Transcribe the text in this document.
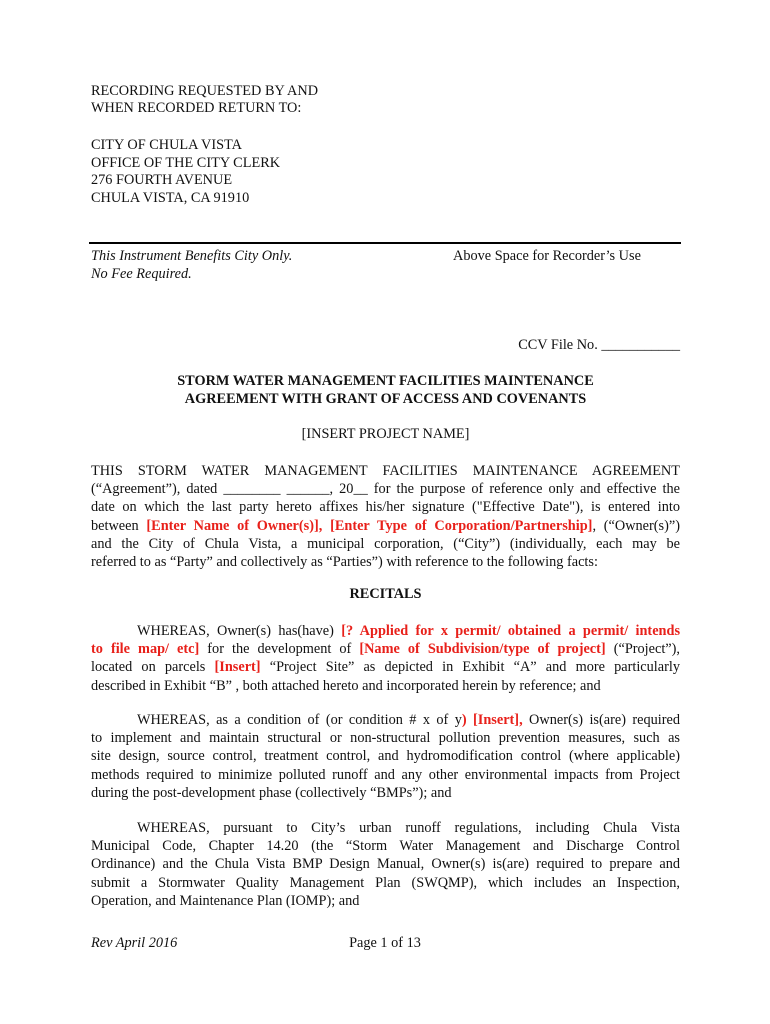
RECORDING REQUESTED BY AND
WHEN RECORDED RETURN TO:
CITY OF CHULA VISTA
OFFICE OF THE CITY CLERK
276 FOURTH AVENUE
CHULA VISTA, CA 91910
This Instrument Benefits City Only.
No Fee Required.
Above Space for Recorder’s Use
CCV File No. ___________
STORM WATER MANAGEMENT FACILITIES MAINTENANCE
AGREEMENT WITH GRANT OF ACCESS AND COVENANTS
[INSERT PROJECT NAME]
THIS STORM WATER MANAGEMENT FACILITIES MAINTENANCE AGREEMENT
(“Agreement”), dated ________ ______, 20__ for the purpose of reference only and effective the
date on which the last party hereto affixes his/her signature ("Effective Date"), is entered into
between [Enter Name of Owner(s)], [Enter Type of Corporation/Partnership], (“Owner(s)”)
and the City of Chula Vista, a municipal corporation, (“City”) (individually, each may be
referred to as “Party” and collectively as “Parties”) with reference to the following facts:
RECITALS
WHEREAS, Owner(s) has(have) [? Applied for x permit/ obtained a permit/ intends
to file map/ etc] for the development of [Name of Subdivision/type of project] (“Project”),
located on parcels [Insert] “Project Site” as depicted in Exhibit “A” and more particularly
described in Exhibit “B” , both attached hereto and incorporated herein by reference; and
WHEREAS, as a condition of (or condition # x of y) [Insert], Owner(s) is(are) required
to implement and maintain structural or non-structural pollution prevention measures, such as
site design, source control, treatment control, and hydromodification control (where applicable)
methods required to minimize polluted runoff and any other environmental impacts from Project
during the post-development phase (collectively “BMPs”); and
WHEREAS, pursuant to City’s urban runoff regulations, including Chula Vista
Municipal Code, Chapter 14.20 (the “Storm Water Management and Discharge Control
Ordinance) and the Chula Vista BMP Design Manual, Owner(s) is(are) required to prepare and
submit a Stormwater Quality Management Plan (SWQMP), which includes an Inspection,
Operation, and Maintenance Plan (IOMP); and
Rev April 2016	Page 1 of 13
